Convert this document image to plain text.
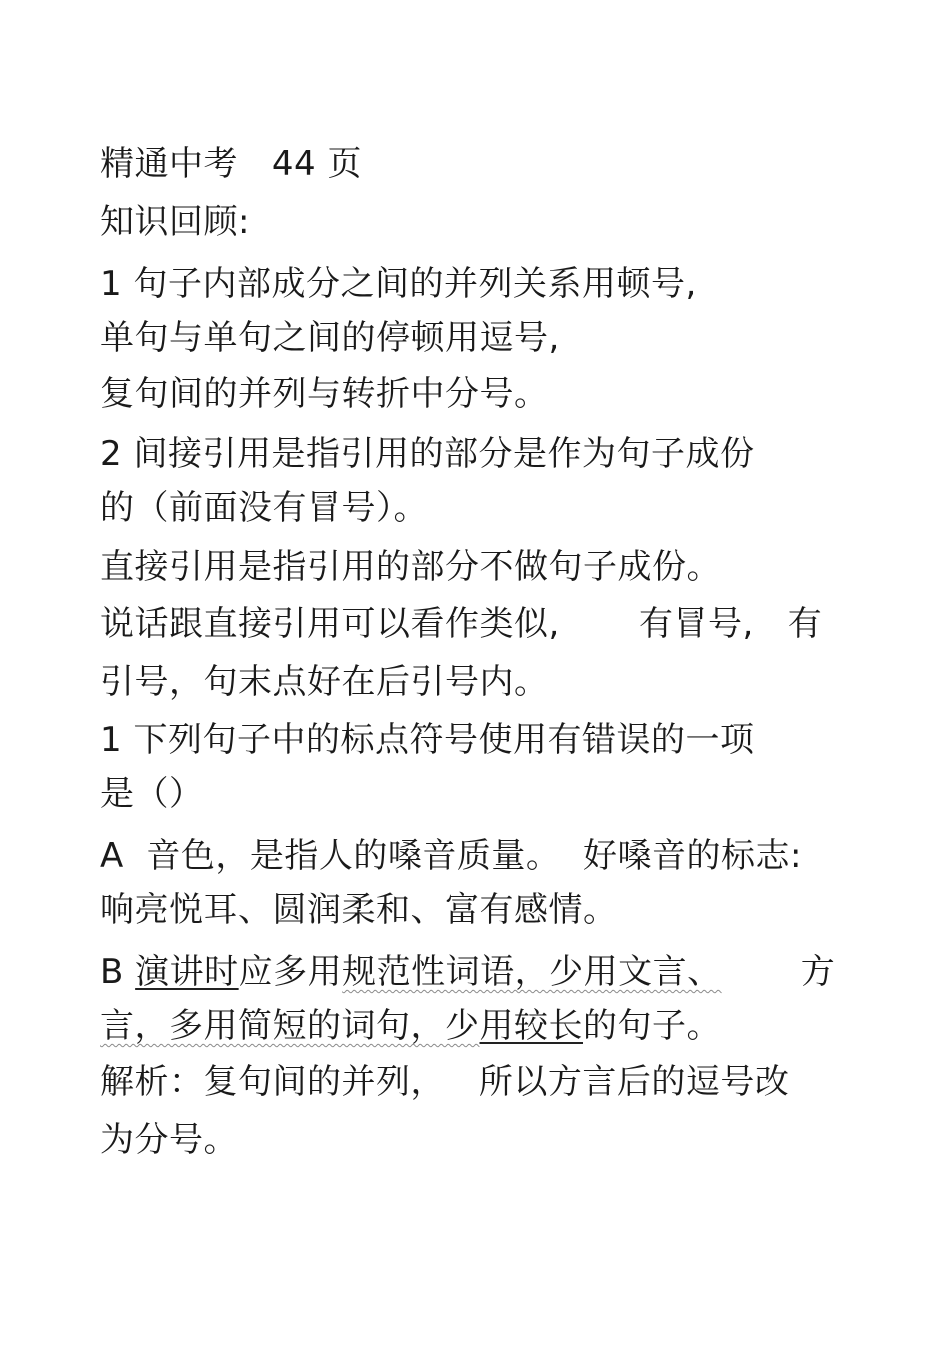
精通中考   44 页
知识回顾:
1 句子内部成分之间的并列关系用顿号,
单句与单句之间的停顿用逗号,
复句间的并列与转折中分号。
2 间接引用是指引用的部分是作为句子成份
的（前面没有冒号）。
直接引用是指引用的部分不做句子成份。
说话跟直接引用可以看作类似,       有冒号,   有
引号，句末点好在后引号内。
1 下列句子中的标点符号使用有错误的一项
是（）
A  音色，是指人的嗓音质量。  好嗓音的标志:
响亮悦耳、圆润柔和、富有感情。
B 演讲时应多用规范性词语，少用文言、       方
言，多用简短的词句，少用较长的句子。
解析：复句间的并列，   所以方言后的逗号改
为分号。
